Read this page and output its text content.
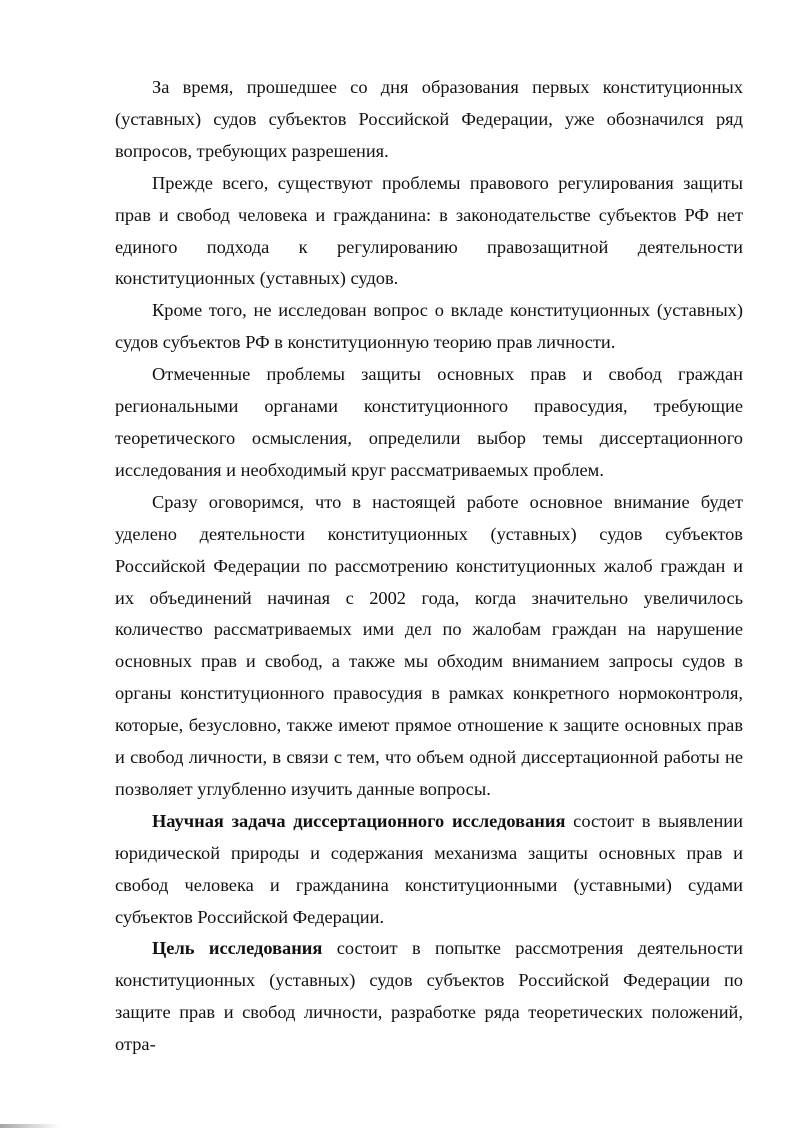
За время, прошедшее со дня образования первых конституционных (уставных) судов субъектов Российской Федерации, уже обозначился ряд вопросов, требующих разрешения.

Прежде всего, существуют проблемы правового регулирования защиты прав и свобод человека и гражданина: в законодательстве субъектов РФ нет единого подхода к регулированию правозащитной деятельности конституционных (уставных) судов.

Кроме того, не исследован вопрос о вкладе конституционных (уставных) судов субъектов РФ в конституционную теорию прав личности.

Отмеченные проблемы защиты основных прав и свобод граждан региональными органами конституционного правосудия, требующие теоретического осмысления, определили выбор темы диссертационного исследования и необходимый круг рассматриваемых проблем.

Сразу оговоримся, что в настоящей работе основное внимание будет уделено деятельности конституционных (уставных) судов субъектов Российской Федерации по рассмотрению конституционных жалоб граждан и их объединений начиная с 2002 года, когда значительно увеличилось количество рассматриваемых ими дел по жалобам граждан на нарушение основных прав и свобод, а также мы обходим вниманием запросы судов в органы конституционного правосудия в рамках конкретного нормоконтроля, которые, безусловно, также имеют прямое отношение к защите основных прав и свобод личности, в связи с тем, что объем одной диссертационной работы не позволяет углубленно изучить данные вопросы.

Научная задача диссертационного исследования состоит в выявлении юридической природы и содержания механизма защиты основных прав и свобод человека и гражданина конституционными (уставными) судами субъектов Российской Федерации.

Цель исследования состоит в попытке рассмотрения деятельности конституционных (уставных) судов субъектов Российской Федерации по защите прав и свобод личности, разработке ряда теоретических положений, отра-
